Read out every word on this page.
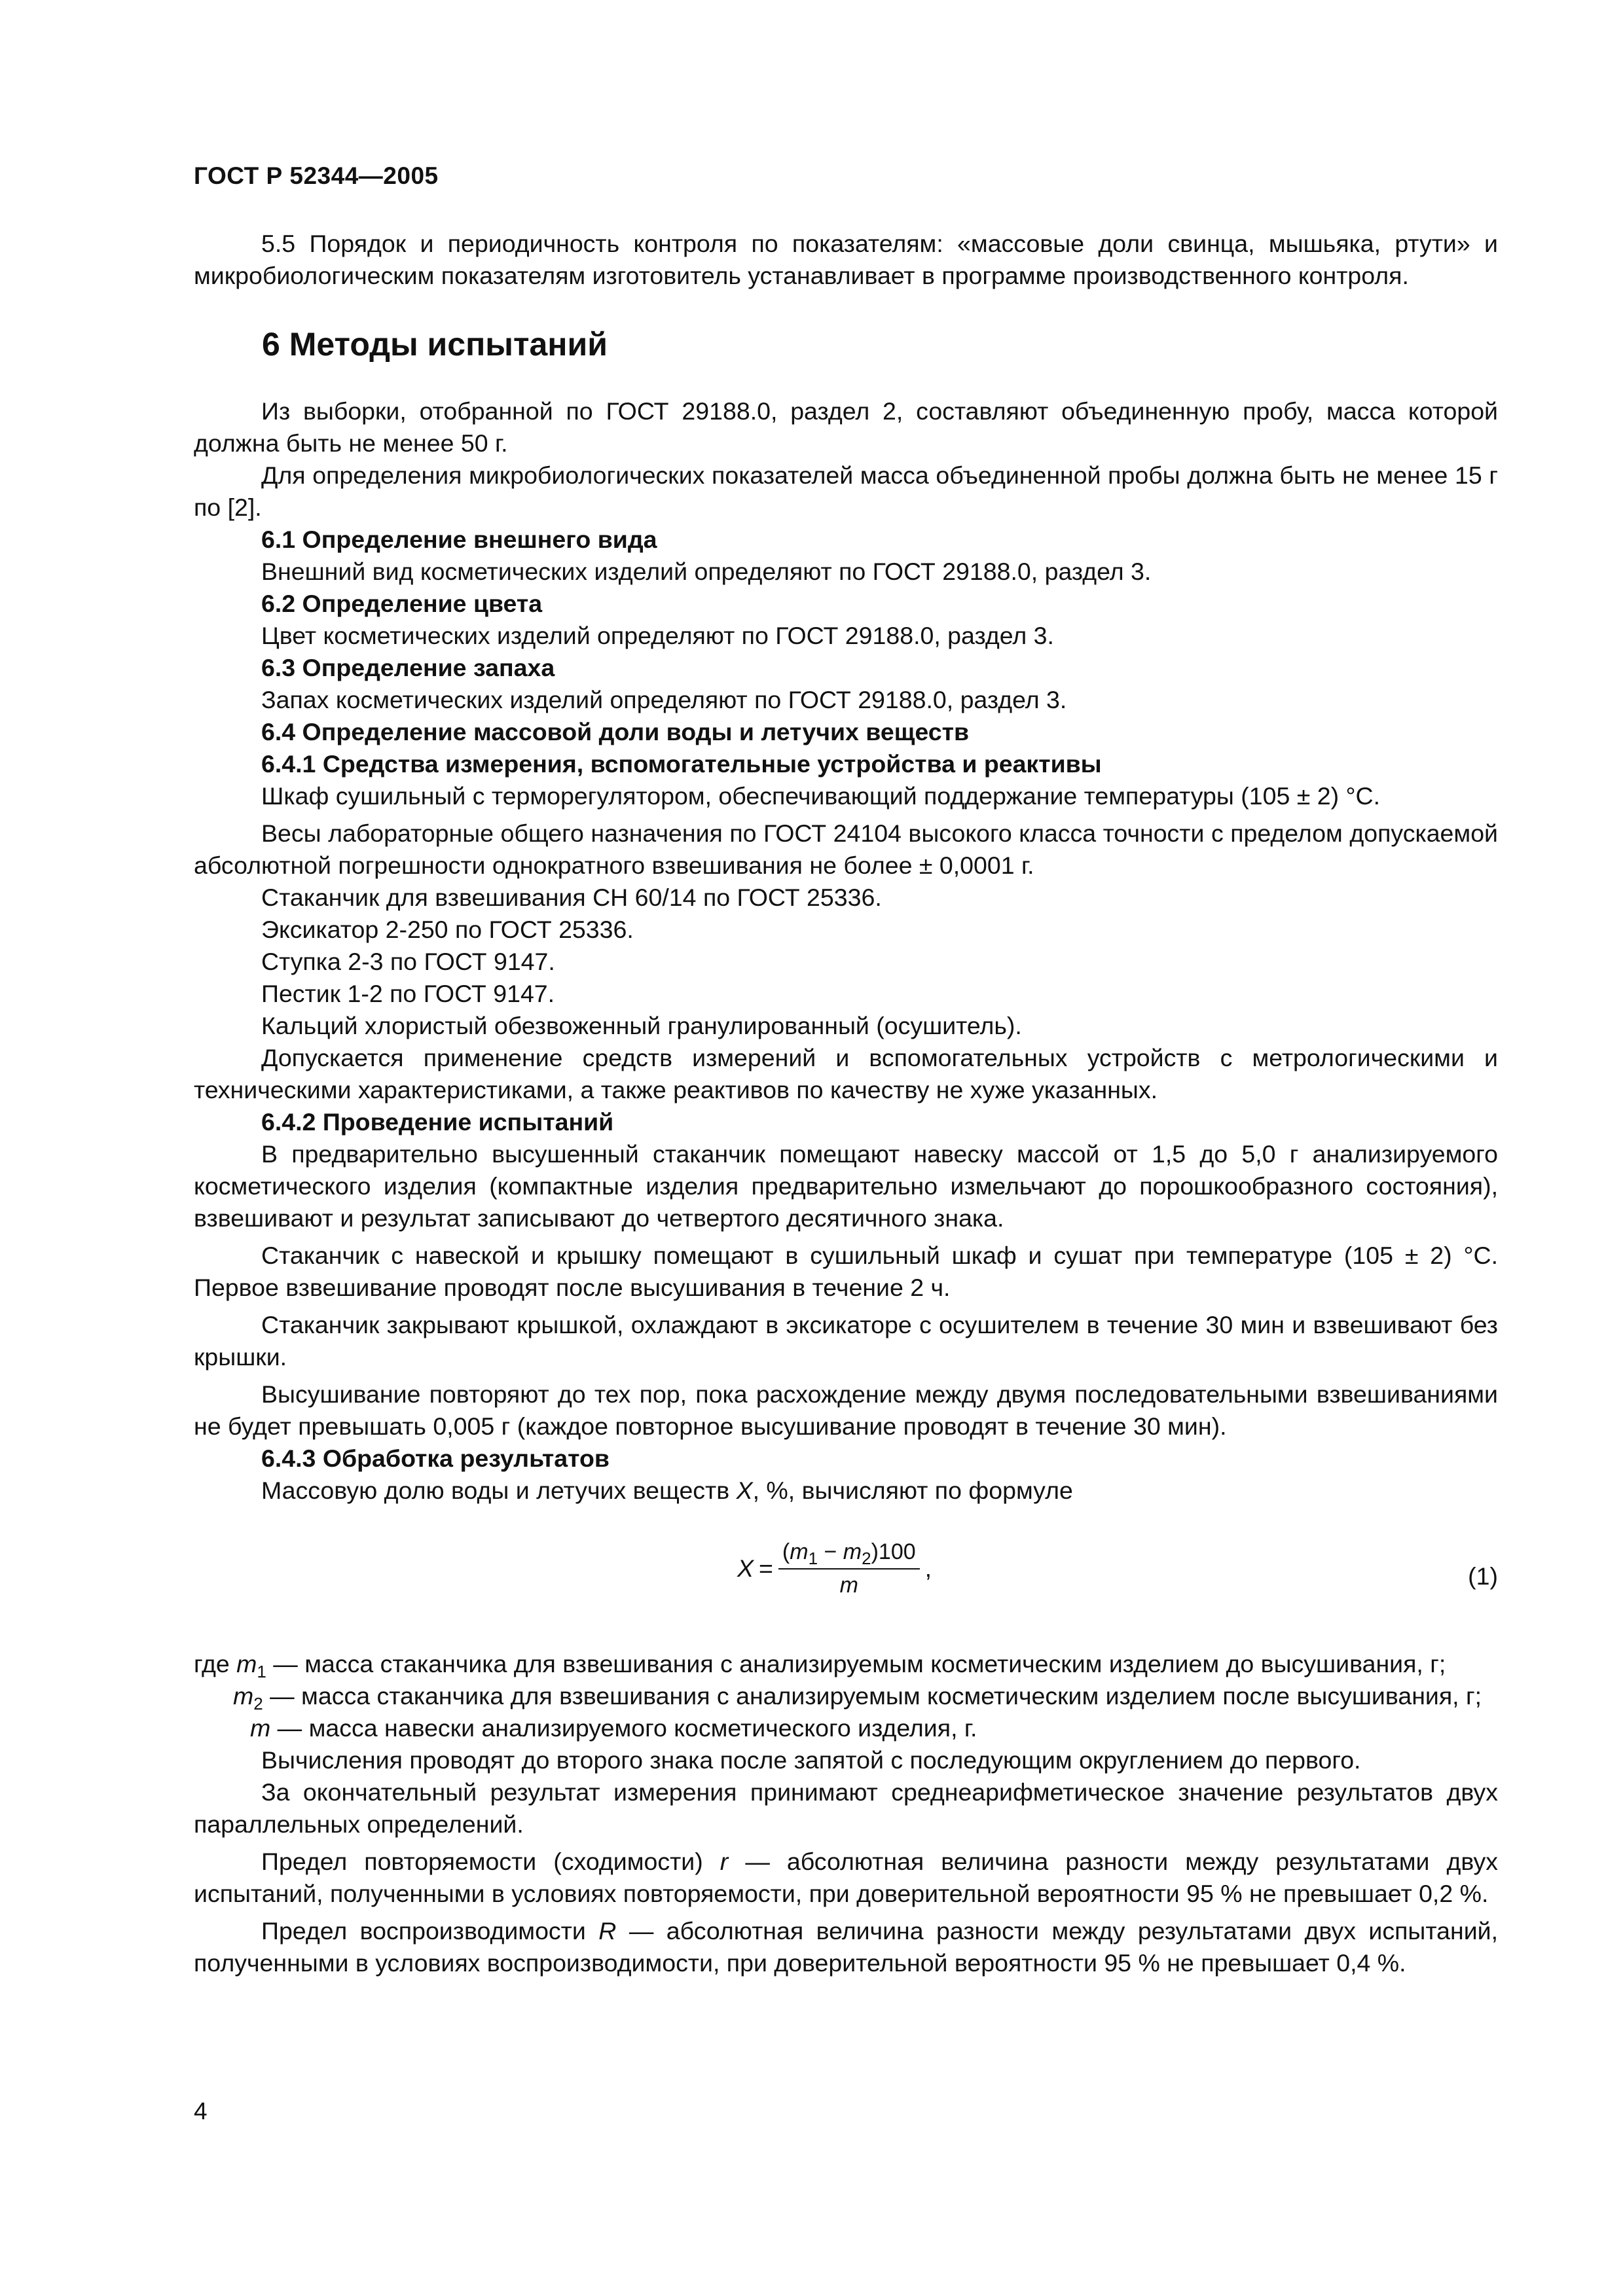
ГОСТ Р 52344—2005

5.5 Порядок и периодичность контроля по показателям: «массовые доли свинца, мышьяка, ртути» и микробиологическим показателям изготовитель устанавливает в программе производственного контроля.

6 Методы испытаний

Из выборки, отобранной по ГОСТ 29188.0, раздел 2, составляют объединенную пробу, масса которой должна быть не менее 50 г.

Для определения микробиологических показателей масса объединенной пробы должна быть не менее 15 г по [2].

6.1 Определение внешнего вида

Внешний вид косметических изделий определяют по ГОСТ 29188.0, раздел 3.

6.2 Определение цвета

Цвет косметических изделий определяют по ГОСТ 29188.0, раздел 3.

6.3 Определение запаха

Запах косметических изделий определяют по ГОСТ 29188.0, раздел 3.

6.4 Определение массовой доли воды и летучих веществ
6.4.1 Средства измерения, вспомогательные устройства и реактивы

Шкаф сушильный с терморегулятором, обеспечивающий поддержание температуры (105 ± 2) °С.

Весы лабораторные общего назначения по ГОСТ 24104 высокого класса точности с пределом допускаемой абсолютной погрешности однократного взвешивания не более ± 0,0001 г.

Стаканчик для взвешивания СН 60/14 по ГОСТ 25336.

Эксикатор 2-250 по ГОСТ 25336.

Ступка 2-3 по ГОСТ 9147.

Пестик 1-2 по ГОСТ 9147.

Кальций хлористый обезвоженный гранулированный (осушитель).

Допускается применение средств измерений и вспомогательных устройств с метрологическими и техническими характеристиками, а также реактивов по качеству не хуже указанных.

6.4.2 Проведение испытаний

В предварительно высушенный стаканчик помещают навеску массой от 1,5 до 5,0 г анализируемого косметического изделия (компактные изделия предварительно измельчают до порошкообразного состояния), взвешивают и результат записывают до четвертого десятичного знака.

Стаканчик с навеской и крышку помещают в сушильный шкаф и сушат при температуре (105 ± 2) °С. Первое взвешивание проводят после высушивания в течение 2 ч.

Стаканчик закрывают крышкой, охлаждают в эксикаторе с осушителем в течение 30 мин и взвешивают без крышки.

Высушивание повторяют до тех пор, пока расхождение между двумя последовательными взвешиваниями не будет превышать 0,005 г (каждое повторное высушивание проводят в течение 30 мин).

6.4.3 Обработка результатов

Массовую долю воды и летучих веществ X, %, вычисляют по формуле

$X = \frac{(m_1 - m_2)100}{m}$ ,	(1)
где $m_1$ — масса стаканчика для взвешивания с анализируемым косметическим изделием до высушивания, г;
$m_2$ — масса стаканчика для взвешивания с анализируемым косметическим изделием после высушивания, г;
m — масса навески анализируемого косметического изделия, г.

Вычисления проводят до второго знака после запятой с последующим округлением до первого.

За окончательный результат измерения принимают среднеарифметическое значение результатов двух параллельных определений.

Предел повторяемости (сходимости) r — абсолютная величина разности между результатами двух испытаний, полученными в условиях повторяемости, при доверительной вероятности 95 % не превышает 0,2 %.

Предел воспроизводимости R — абсолютная величина разности между результатами двух испытаний, полученными в условиях воспроизводимости, при доверительной вероятности 95 % не превышает 0,4 %.

4
